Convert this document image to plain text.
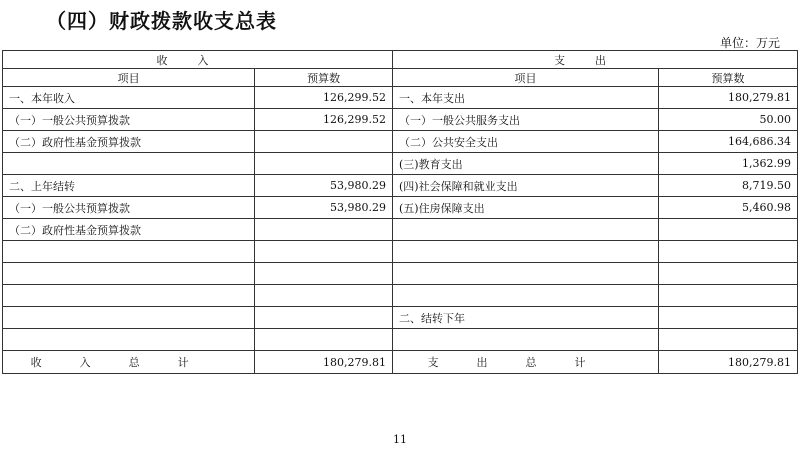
（四）财政拨款收支总表
单位：万元
收入		支出	
项目	预算数	项目	预算数
一、本年收入	126,299.52	一、本年支出	180,279.81
（一）一般公共预算拨款	126,299.52	（一）一般公共服务支出	50.00
（二）政府性基金预算拨款		（二）公共安全支出	164,686.34
		(三)教育支出	1,362.99
二、上年结转	53,980.29	(四)社会保障和就业支出	8,719.50
（一）一般公共预算拨款	53,980.29	(五)住房保障支出	5,460.98
（二）政府性基金预算拨款			

		二、结转下年	

收入总计	180,279.81	支出总计	180,279.81
11
